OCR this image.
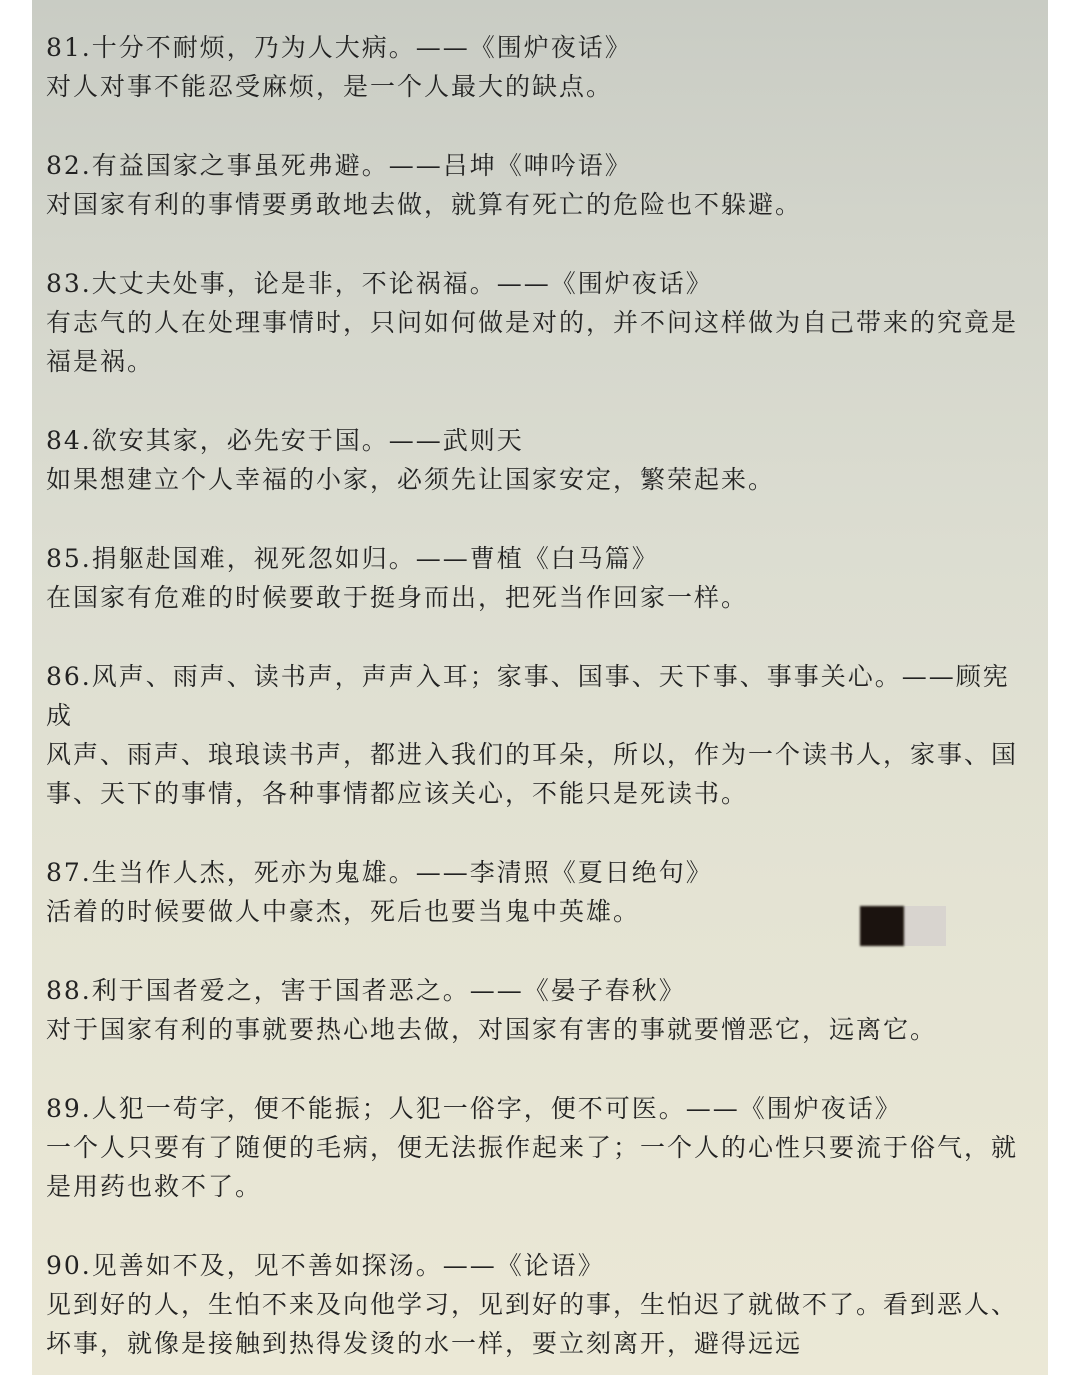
81.十分不耐烦，乃为人大病。——《围炉夜话》
对人对事不能忍受麻烦，是一个人最大的缺点。
82.有益国家之事虽死弗避。——吕坤《呻吟语》
对国家有利的事情要勇敢地去做，就算有死亡的危险也不躲避。
83.大丈夫处事，论是非，不论祸福。——《围炉夜话》
有志气的人在处理事情时，只问如何做是对的，并不问这样做为自己带来的究竟是福是祸。
84.欲安其家，必先安于国。——武则天
如果想建立个人幸福的小家，必须先让国家安定，繁荣起来。
85.捐躯赴国难，视死忽如归。——曹植《白马篇》
在国家有危难的时候要敢于挺身而出，把死当作回家一样。
86.风声、雨声、读书声，声声入耳；家事、国事、天下事、事事关心。——顾宪成
风声、雨声、琅琅读书声，都进入我们的耳朵，所以，作为一个读书人，家事、国事、天下的事情，各种事情都应该关心，不能只是死读书。
87.生当作人杰，死亦为鬼雄。——李清照《夏日绝句》
活着的时候要做人中豪杰，死后也要当鬼中英雄。
88.利于国者爱之，害于国者恶之。——《晏子春秋》
对于国家有利的事就要热心地去做，对国家有害的事就要憎恶它，远离它。
89.人犯一苟字，便不能振；人犯一俗字，便不可医。——《围炉夜话》
一个人只要有了随便的毛病，便无法振作起来了；一个人的心性只要流于俗气，就是用药也救不了。
90.见善如不及，见不善如探汤。——《论语》
见到好的人，生怕不来及向他学习，见到好的事，生怕迟了就做不了。看到恶人、坏事，就像是接触到热得发烫的水一样，要立刻离开，避得远远
